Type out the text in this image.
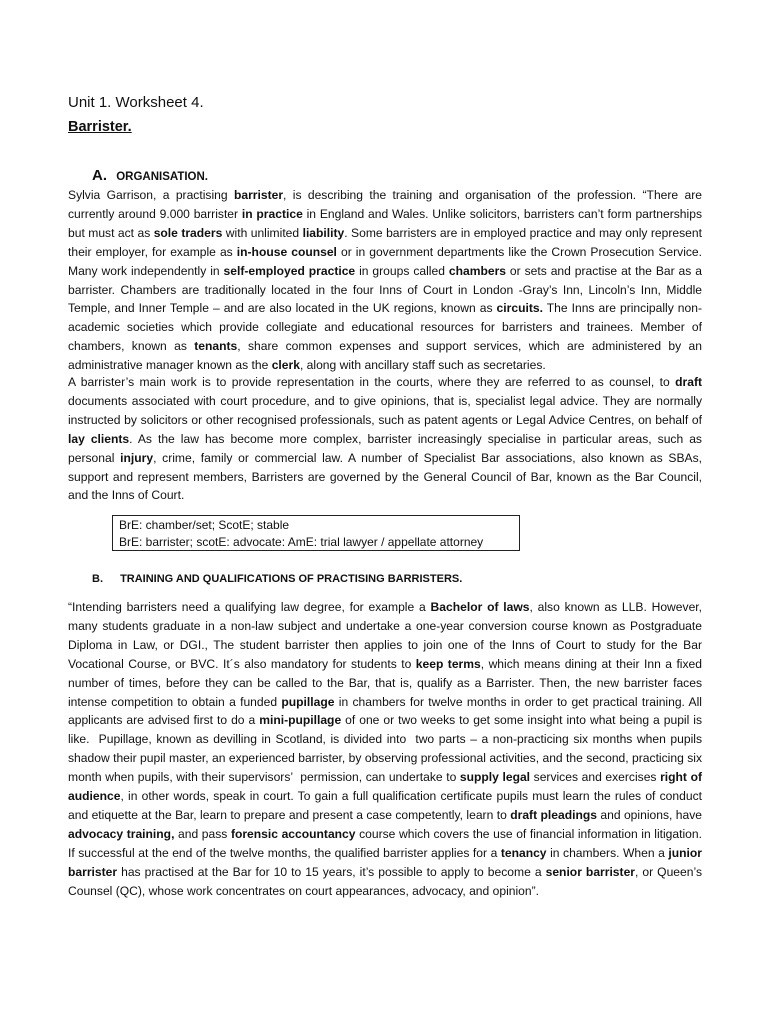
Unit 1. Worksheet 4.
Barrister.
A. ORGANISATION.

Sylvia Garrison, a practising barrister, is describing the training and organisation of the profession. “There are currently around 9.000 barrister in practice in England and Wales. Unlike solicitors, barristers can’t form partnerships but must act as sole traders with unlimited liability. Some barristers are in employed practice and may only represent their employer, for example as in-house counsel or in government departments like the Crown Prosecution Service. Many work independently in self-employed practice in groups called chambers or sets and practise at the Bar as a barrister. Chambers are traditionally located in the four Inns of Court in London -Gray’s Inn, Lincoln’s Inn, Middle Temple, and Inner Temple – and are also located in the UK regions, known as circuits. The Inns are principally non-academic societies which provide collegiate and educational resources for barristers and trainees. Member of chambers, known as tenants, share common expenses and support services, which are administered by an administrative manager known as the clerk, along with ancillary staff such as secretaries.

A barrister’s main work is to provide representation in the courts, where they are referred to as counsel, to draft documents associated with court procedure, and to give opinions, that is, specialist legal advice. They are normally instructed by solicitors or other recognised professionals, such as patent agents or Legal Advice Centres, on behalf of lay clients. As the law has become more complex, barrister increasingly specialise in particular areas, such as personal injury, crime, family or commercial law. A number of Specialist Bar associations, also known as SBAs, support and represent members, Barristers are governed by the General Council of Bar, known as the Bar Council, and the Inns of Court.

BrE: chamber/set; ScotE; stable
BrE: barrister; scotE: advocate: AmE: trial lawyer / appellate attorney
B. TRAINING AND QUALIFICATIONS OF PRACTISING BARRISTERS.

“Intending barristers need a qualifying law degree, for example a Bachelor of laws, also known as LLB. However, many students graduate in a non-law subject and undertake a one-year conversion course known as Postgraduate Diploma in Law, or DGI., The student barrister then applies to join one of the Inns of Court to study for the Bar Vocational Course, or BVC. It´s also mandatory for students to keep terms, which means dining at their Inn a fixed number of times, before they can be called to the Bar, that is, qualify as a Barrister. Then, the new barrister faces intense competition to obtain a funded pupillage in chambers for twelve months in order to get practical training. All applicants are advised first to do a mini-pupillage of one or two weeks to get some insight into what being a pupil is like.  Pupillage, known as devilling in Scotland, is divided into  two parts – a non-practicing six months when pupils shadow their pupil master, an experienced barrister, by observing professional activities, and the second, practicing six month when pupils, with their supervisors’  permission, can undertake to supply legal services and exercises right of audience, in other words, speak in court. To gain a full qualification certificate pupils must learn the rules of conduct and etiquette at the Bar, learn to prepare and present a case competently, learn to draft pleadings and opinions, have advocacy training, and pass forensic accountancy course which covers the use of financial information in litigation. If successful at the end of the twelve months, the qualified barrister applies for a tenancy in chambers. When a junior barrister has practised at the Bar for 10 to 15 years, it’s possible to apply to become a senior barrister, or Queen’s Counsel (QC), whose work concentrates on court appearances, advocacy, and opinion”.
